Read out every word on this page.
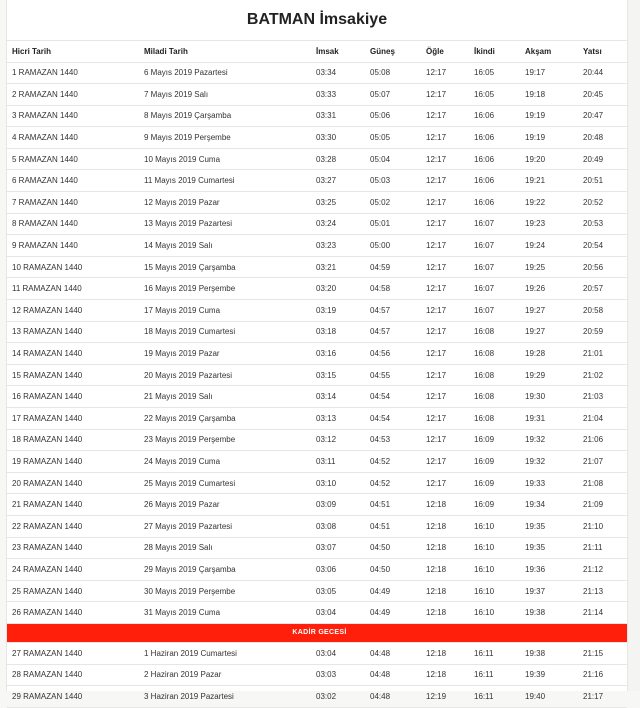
BATMAN İmsakiye
Hicri Tarih	Miladi Tarih	İmsak	Güneş	Öğle	İkindi	Akşam	Yatsı
1 RAMAZAN 1440	6 Mayıs 2019 Pazartesi	03:34	05:08	12:17	16:05	19:17	20:44
2 RAMAZAN 1440	7 Mayıs 2019 Salı	03:33	05:07	12:17	16:05	19:18	20:45
3 RAMAZAN 1440	8 Mayıs 2019 Çarşamba	03:31	05:06	12:17	16:06	19:19	20:47
4 RAMAZAN 1440	9 Mayıs 2019 Perşembe	03:30	05:05	12:17	16:06	19:19	20:48
5 RAMAZAN 1440	10 Mayıs 2019 Cuma	03:28	05:04	12:17	16:06	19:20	20:49
6 RAMAZAN 1440	11 Mayıs 2019 Cumartesi	03:27	05:03	12:17	16:06	19:21	20:51
7 RAMAZAN 1440	12 Mayıs 2019 Pazar	03:25	05:02	12:17	16:06	19:22	20:52
8 RAMAZAN 1440	13 Mayıs 2019 Pazartesi	03:24	05:01	12:17	16:07	19:23	20:53
9 RAMAZAN 1440	14 Mayıs 2019 Salı	03:23	05:00	12:17	16:07	19:24	20:54
10 RAMAZAN 1440	15 Mayıs 2019 Çarşamba	03:21	04:59	12:17	16:07	19:25	20:56
11 RAMAZAN 1440	16 Mayıs 2019 Perşembe	03:20	04:58	12:17	16:07	19:26	20:57
12 RAMAZAN 1440	17 Mayıs 2019 Cuma	03:19	04:57	12:17	16:07	19:27	20:58
13 RAMAZAN 1440	18 Mayıs 2019 Cumartesi	03:18	04:57	12:17	16:08	19:27	20:59
14 RAMAZAN 1440	19 Mayıs 2019 Pazar	03:16	04:56	12:17	16:08	19:28	21:01
15 RAMAZAN 1440	20 Mayıs 2019 Pazartesi	03:15	04:55	12:17	16:08	19:29	21:02
16 RAMAZAN 1440	21 Mayıs 2019 Salı	03:14	04:54	12:17	16:08	19:30	21:03
17 RAMAZAN 1440	22 Mayıs 2019 Çarşamba	03:13	04:54	12:17	16:08	19:31	21:04
18 RAMAZAN 1440	23 Mayıs 2019 Perşembe	03:12	04:53	12:17	16:09	19:32	21:06
19 RAMAZAN 1440	24 Mayıs 2019 Cuma	03:11	04:52	12:17	16:09	19:32	21:07
20 RAMAZAN 1440	25 Mayıs 2019 Cumartesi	03:10	04:52	12:17	16:09	19:33	21:08
21 RAMAZAN 1440	26 Mayıs 2019 Pazar	03:09	04:51	12:18	16:09	19:34	21:09
22 RAMAZAN 1440	27 Mayıs 2019 Pazartesi	03:08	04:51	12:18	16:10	19:35	21:10
23 RAMAZAN 1440	28 Mayıs 2019 Salı	03:07	04:50	12:18	16:10	19:35	21:11
24 RAMAZAN 1440	29 Mayıs 2019 Çarşamba	03:06	04:50	12:18	16:10	19:36	21:12
25 RAMAZAN 1440	30 Mayıs 2019 Perşembe	03:05	04:49	12:18	16:10	19:37	21:13
26 RAMAZAN 1440	31 Mayıs 2019 Cuma	03:04	04:49	12:18	16:10	19:38	21:14
KADİR GECESİ							
27 RAMAZAN 1440	1 Haziran 2019 Cumartesi	03:04	04:48	12:18	16:11	19:38	21:15
28 RAMAZAN 1440	2 Haziran 2019 Pazar	03:03	04:48	12:18	16:11	19:39	21:16
29 RAMAZAN 1440	3 Haziran 2019 Pazartesi	03:02	04:48	12:19	16:11	19:40	21:17
